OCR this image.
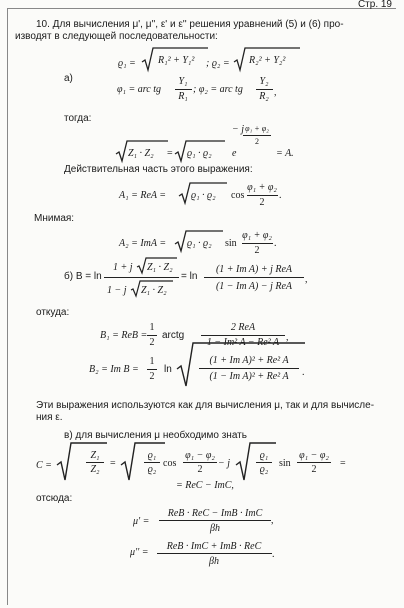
Стр. 19
10. Для вычисления μ', μ'', ε' и ε'' решения уравнений (5) и (6) про-
изводят в следующей последовательности:
ϱ₁ = R₁² + Y₁² ; ϱ₂ = R₂² + Y₂²
а)
φ₁ = arc tg
Y₁
R₁
; φ₂ = arc tg
Y₂
R₂ ,
тогда:
− j φ₁ + φ₂
2
Z₁ · Z₂ = ϱ₁ · ϱ₂ e	= A.
Действительная часть этого выражения:
A₁ = ReA = ϱ₁ · ϱ₂ cos
φ₁ + φ₂
2
.
Мнимая:
A₂ = ImA = ϱ₁ · ϱ₂ sin
φ₁ + φ₂
2
.
б) B = ln
1 + j Z₁ · Z₂
1 − j Z₁ · Z₂
= ln
(1 + Im A) + j ReA
(1 − Im A) − j ReA
,
откуда:
B₁ = ReB =
1
2
arctg
2 ReA
1 − Im² A − Re² A ,
B₂ = Im B =
1
2
ln
(1 + Im A)² + Re² A
(1 − Im A)² + Re² A .
Эти выражения используются как для вычисления μ, так и для вычисле-
ния ε.
в) для вычисления μ необходимо знать
C =
Z₁
Z₂
=
ϱ₁
ϱ₂
cos
φ₁ − φ₂
2
− j
ϱ₁
ϱ₂
sin
φ₁ − φ₂
2
=
= ReC − ImC,
отсюда:
μ' =
ReB · ReC − ImB · ImC
βh
,
μ'' =
ReB · ImC + ImB · ReC
βh
.
